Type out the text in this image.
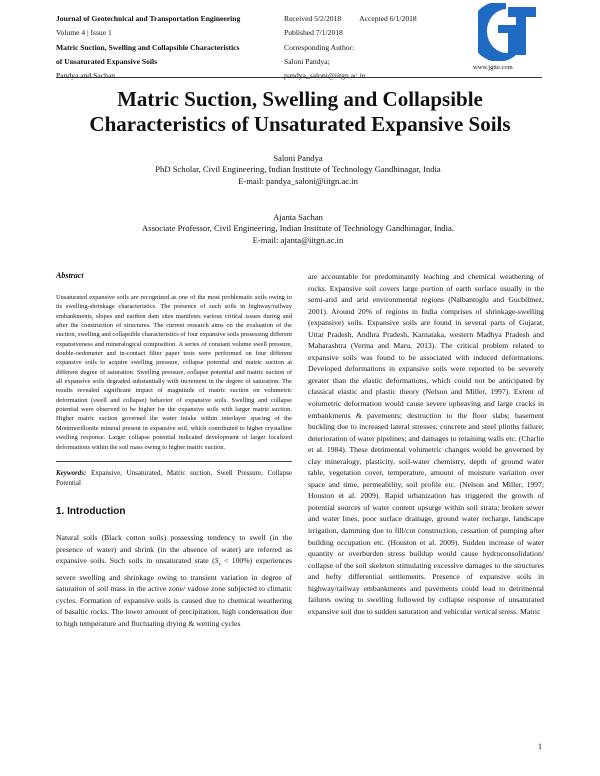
Journal of Geotechnical and Transportation Engineering
Volume 4 | Issue 1
Matric Suction, Swelling and Collapsible Characteristics
of Unsaturated Expansive Soils
Pandya and Sachan
Received 5/2/2018 Accepted 6/1/2018
Published 7/1/2018
Corresponding Author:
Saloni Pandya;
pandya_saloni@iitgn.ac.in
www.jgtte.com
Matric Suction, Swelling and Collapsible
Characteristics of Unsaturated Expansive Soils
Saloni Pandya
PhD Scholar, Civil Engineering, Indian Institute of Technology Gandhinagar, India
E-mail: pandya_saloni@iitgn.ac.in
Ajanta Sachan
Associate Professor, Civil Engineering, Indian Institute of Technology Gandhinagar, India.
E-mail: ajanta@iitgn.ac.in
Abstract

Unsaturated expansive soils are recognized as one of the most problematic soils owing to its swelling-shrinkage characteristics. The presence of such soils in highway/railway embankments, slopes and earthen dam sites manifests various critical issues during and after the construction of structures. The current research aims on the evaluation of the suction, swelling and collapsible characteristics of four expansive soils possessing different expansiveness and mineralogical composition. A series of constant volume swell pressure, double-oedometer and in-contact filter paper tests were performed on four different expansive soils to acquire swelling pressure, collapse potential and matric suction at different degree of saturation. Swelling pressure, collapse potential and matric suction of all expansive soils degraded substantially with increment in the degree of saturation. The results revealed significant impact of magnitude of matric suction on volumetric deformation (swell and collapse) behavior of expansive soils. Swelling and collapse potential were observed to be higher for the expansive soils with larger matric suction. Higher matric suction governed the water intake within interlayer spacing of the Montmorillonite mineral present in expansive soil, which contributed to higher crystalline swelling response. Larger collapse potential indicated development of larger localized deformations within the soil mass owing to higher matric suction.

Keywords: Expansive, Unsaturated, Matric suction, Swell Pressure, Collapse Potential

1. Introduction

Natural soils (Black cotton soils) possessing tendency to swell (in the presence of water) and shrink (in the absence of water) are referred as expansive soils. Such soils in unsaturated state $(S_r < 100\%)$ experiences severe swelling and shrinkage owing to transient variation in degree of saturation of soil mass in the active zone/ vadose zone subjected to climatic cycles. Formation of expansive soils is caused due to chemical weathering of basaltic rocks. The lower amount of precipitation, high condensation due to high temperature and fluctuating drying & wetting cycles

are accountable for predominantly leaching and chemical weathering of rocks. Expansive soil covers large portion of earth surface usually in the semi-arid and arid environmental regions (Nalbantoglu and Gucbilmez, 2001). Around 20% of regions in India comprises of shrinkage-swelling (expansive) soils. Expansive soils are found in several parts of Gujarat, Uttar Pradesh, Andhra Pradesh, Karnataka, western Madhya Pradesh and Maharashtra (Verma and Maru, 2013). The critical problem related to expansive soils was found to be associated with induced deformations. Developed deformations in expansive soils were reported to be severely greater than the elastic deformations, which could not be anticipated by classical elastic and plastic theory (Nelson and Miller, 1997). Extent of volumetric deformation would cause severe upheaving and large cracks in embankments & pavements; destruction to the floor slabs; basement buckling due to increased lateral stresses; concrete and steel plinths failure; deterioration of water pipelines; and damages to retaining walls etc. (Charlie et al. 1984). These detrimental volumetric changes would be governed by clay mineralogy, plasticity, soil-water chemistry, depth of ground water table, vegetation cover, temperature, amount of moisture variation over space and time, permeability, soil profile etc. (Nelson and Miller, 1997; Houston et al. 2009). Rapid urbanization has triggered the growth of potential sources of water content upsurge within soil strata; broken sewer and water lines, poor surface drainage, ground water recharge, landscape irrigation, damming due to fill/cut construction, cessation of pumping after building occupation etc. (Houston et al. 2009). Sudden increase of water quantity or overburden stress buildup would cause hydroconsolidation/ collapse of the soil skeleton stimulating excessive damages to the structures and hefty differential settlements. Presence of expansive soils in highway/railway embankments and pavements could lead to detrimental failures owing to swelling followed by collapse response of unsaturated expansive soil due to sudden saturation and vehicular vertical stress. Matric

1
